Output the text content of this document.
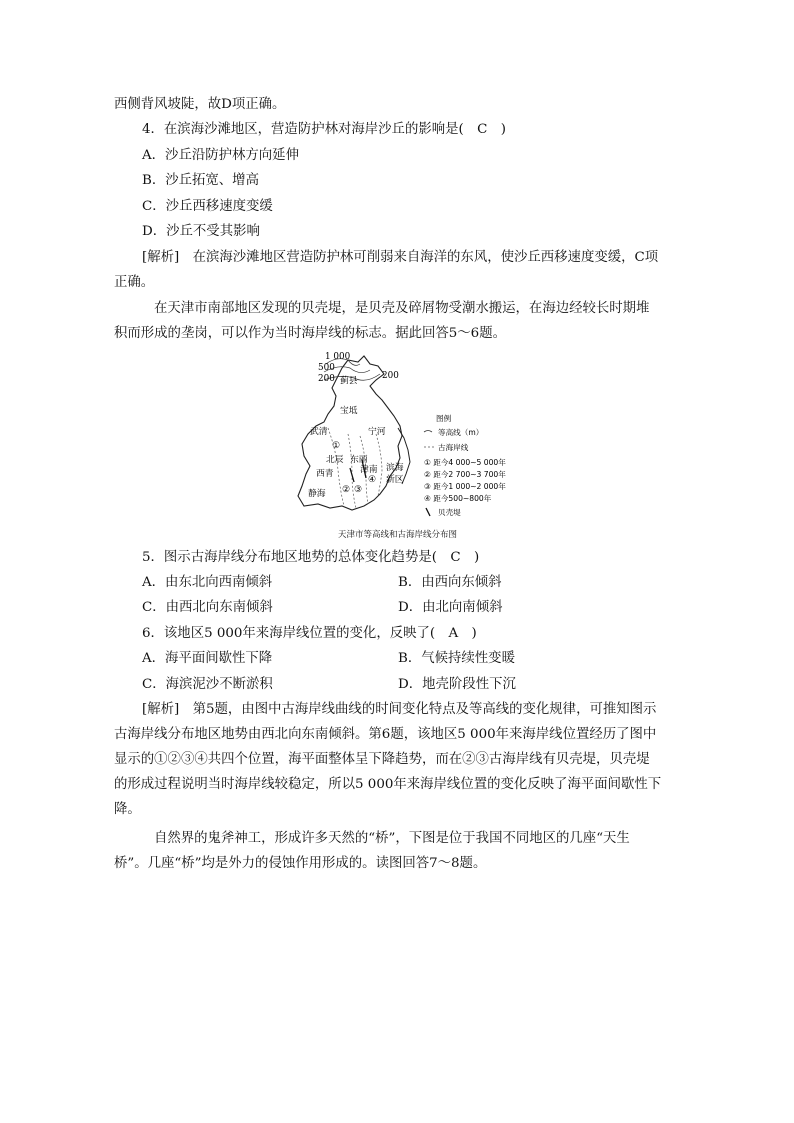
西侧背风坡陡，故D项正确。
4．在滨海沙滩地区，营造防护林对海岸沙丘的影响是(　C　)
A．沙丘沿防护林方向延伸
B．沙丘拓宽、增高
C．沙丘西移速度变缓
D．沙丘不受其影响
[解析]　在滨海沙滩地区营造防护林可削弱来自海洋的东风，使沙丘西移速度变缓，C项
正确。
在天津市南部地区发现的贝壳堤，是贝壳及碎屑物受潮水搬运，在海边经较长时期堆
积而形成的垄岗，可以作为当时海岸线的标志。据此回答5～6题。
1 000
500
200	200
蓟县
宝坻
武清	宁河
北辰 东丽
津南 滨海
新区
西青
静海
①
② ③
④
图例
等高线（m）
古海岸线
① 距今4 000~5 000年
② 距今2 700~3 700年
③ 距今1 000~2 000年
④ 距今500~800年
贝壳堤
天津市等高线和古海岸线分布图
5．图示古海岸线分布地区地势的总体变化趋势是(　C　)
A．由东北向西南倾斜	B．由西向东倾斜
C．由西北向东南倾斜	D．由北向南倾斜
6．该地区5 000年来海岸线位置的变化，反映了(　A　)
A．海平面间歇性下降	B．气候持续性变暖
C．海滨泥沙不断淤积	D．地壳阶段性下沉
[解析]　第5题，由图中古海岸线曲线的时间变化特点及等高线的变化规律，可推知图示
古海岸线分布地区地势由西北向东南倾斜。第6题，该地区5 000年来海岸线位置经历了图中
显示的①②③④共四个位置，海平面整体呈下降趋势，而在②③古海岸线有贝壳堤，贝壳堤
的形成过程说明当时海岸线较稳定，所以5 000年来海岸线位置的变化反映了海平面间歇性下
降。
自然界的鬼斧神工，形成许多天然的“桥”，下图是位于我国不同地区的几座“天生
桥”。几座“桥”均是外力的侵蚀作用形成的。读图回答7～8题。
